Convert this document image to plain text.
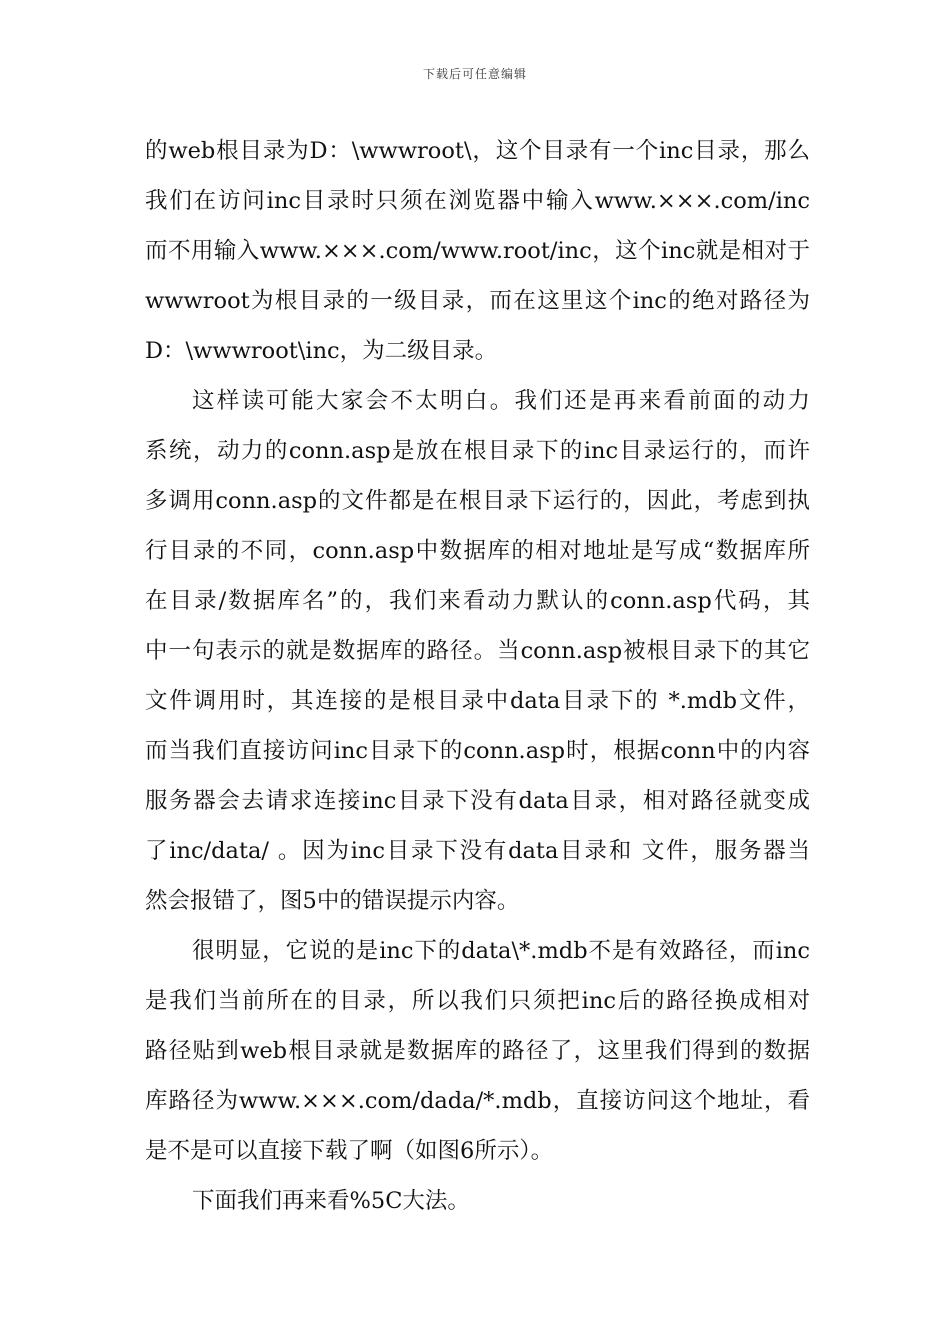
下载后可任意编辑
的web根目录为D：\wwwroot\，这个目录有一个inc目录，那么
我们在访问inc目录时只须在浏览器中输入www.×××.com/inc
而不用输入www.×××.com/www.root/inc，这个inc就是相对于
wwwroot为根目录的一级目录，而在这里这个inc的绝对路径为
D：\wwwroot\inc，为二级目录。
这样读可能大家会不太明白。我们还是再来看前面的动力
系统，动力的conn.asp是放在根目录下的inc目录运行的，而许
多调用conn.asp的文件都是在根目录下运行的，因此，考虑到执
行目录的不同，conn.asp中数据库的相对地址是写成“数据库所
在目录/数据库名”的，我们来看动力默认的conn.asp代码，其
中一句表示的就是数据库的路径。当conn.asp被根目录下的其它
文件调用时，其连接的是根目录中data目录下的 *.mdb文件，
而当我们直接访问inc目录下的conn.asp时，根据conn中的内容
服务器会去请求连接inc目录下没有data目录，相对路径就变成
了inc/data/ 。因为inc目录下没有data目录和 文件，服务器当
然会报错了，图5中的错误提示内容。
很明显，它说的是inc下的data\*.mdb不是有效路径，而inc
是我们当前所在的目录，所以我们只须把inc后的路径换成相对
路径贴到web根目录就是数据库的路径了，这里我们得到的数据
库路径为www.×××.com/dada/*.mdb，直接访问这个地址，看
是不是可以直接下载了啊（如图6所示）。
下面我们再来看%5C大法。
